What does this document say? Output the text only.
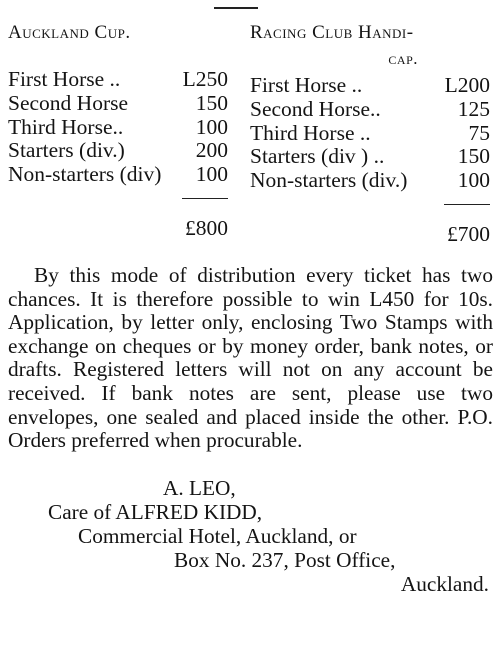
Auckland Cup.
First Horse ..	L250
Second Horse	150
Third Horse..	100
Starters (div.)	200
Non-starters (div) 100
£800
Racing Club Handi-
cap.
First Horse ..	L200
Second Horse..	125
Third Horse ..	75
Starters (div ) ..	150
Non-starters (div.) 100
£700
By this mode of distribution every ticket has two chances. It is therefore possible to win L450 for 10s. Application, by letter only, enclosing Two Stamps with exchange on cheques or by money order, bank notes, or drafts. Registered letters will not on any account be received. If bank notes are sent, please use two envelopes, one sealed and placed inside the other. P.O. Orders preferred when procurable.
A. LEO,
Care of ALFRED KIDD,
Commercial Hotel, Auckland, or
Box No. 237, Post Office,
Auckland.
